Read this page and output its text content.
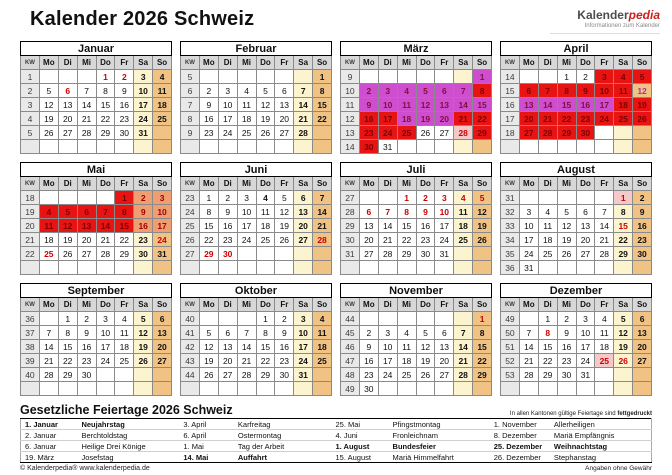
Kalender 2026 Schweiz	Kalenderpedia
Informationen zum Kalender
Januar							
KW	Mo	Di	Mi	Do	Fr	Sa	So
1				1	2	3	4
2	5	6	7	8	9	10	11
3	12	13	14	15	16	17	18
4	19	20	21	22	23	24	25
5	26	27	28	29	30	31	

Februar							
KW	Mo	Di	Mi	Do	Fr	Sa	So
5							1
6	2	3	4	5	6	7	8
7	9	10	11	12	13	14	15
8	16	17	18	19	20	21	22
9	23	24	25	26	27	28	

März							
KW	Mo	Di	Mi	Do	Fr	Sa	So
9							1
10	2	3	4	5	6	7	8
11	9	10	11	12	13	14	15
12	16	17	18	19	20	21	22
13	23	24	25	26	27	28	29
14	30	31					
April							
KW	Mo	Di	Mi	Do	Fr	Sa	So
14			1	2	3	4	5
15	6	7	8	9	10	11	12
16	13	14	15	16	17	18	19
17	20	21	22	23	24	25	26
18	27	28	29	30			

Mai							
KW	Mo	Di	Mi	Do	Fr	Sa	So
18					1	2	3
19	4	5	6	7	8	9	10
20	11	12	13	14	15	16	17
21	18	19	20	21	22	23	24
22	25	26	27	28	29	30	31

Juni							
KW	Mo	Di	Mi	Do	Fr	Sa	So
23	1	2	3	4	5	6	7
24	8	9	10	11	12	13	14
25	15	16	17	18	19	20	21
26	22	23	24	25	26	27	28
27	29	30					

Juli							
KW	Mo	Di	Mi	Do	Fr	Sa	So
27			1	2	3	4	5
28	6	7	8	9	10	11	12
29	13	14	15	16	17	18	19
30	20	21	22	23	24	25	26
31	27	28	29	30	31		

August							
KW	Mo	Di	Mi	Do	Fr	Sa	So
31						1	2
32	3	4	5	6	7	8	9
33	10	11	12	13	14	15	16
34	17	18	19	20	21	22	23
35	24	25	26	27	28	29	30
36	31						
September							
KW	Mo	Di	Mi	Do	Fr	Sa	So
36		1	2	3	4	5	6
37	7	8	9	10	11	12	13
38	14	15	16	17	18	19	20
39	21	22	23	24	25	26	27
40	28	29	30				

Oktober							
KW	Mo	Di	Mi	Do	Fr	Sa	So
40				1	2	3	4
41	5	6	7	8	9	10	11
42	12	13	14	15	16	17	18
43	19	20	21	22	23	24	25
44	26	27	28	29	30	31	

November							
KW	Mo	Di	Mi	Do	Fr	Sa	So
44							1
45	2	3	4	5	6	7	8
46	9	10	11	12	13	14	15
47	16	17	18	19	20	21	22
48	23	24	25	26	27	28	29
49	30						
Dezember							
KW	Mo	Di	Mi	Do	Fr	Sa	So
49		1	2	3	4	5	6
50	7	8	9	10	11	12	13
51	14	15	16	17	18	19	20
52	21	22	23	24	25	26	27
53	28	29	30	31			

Gesetzliche Feiertage 2026 Schweiz	In allen Kantonen gültige Feiertage sind fettgedruckt
1. Januar	Neujahrstag	3. April	Karfreitag	25. Mai	Pfingstmontag	1. November	Allerheiligen
2. Januar	Berchtoldstag	6. April	Ostermontag	4. Juni	Fronleichnam	8. Dezember	Mariä Empfängnis
6. Januar	Heilige Drei Könige	1. Mai	Tag der Arbeit	1. August	Bundesfeier	25. Dezember	Weihnachtstag
19. März	Josefstag	14. Mai	Auffahrt	15. August	Mariä Himmelfahrt	26. Dezember	Stephanstag
© Kalenderpedia® www.kalenderpedia.de	Angaben ohne Gewähr
